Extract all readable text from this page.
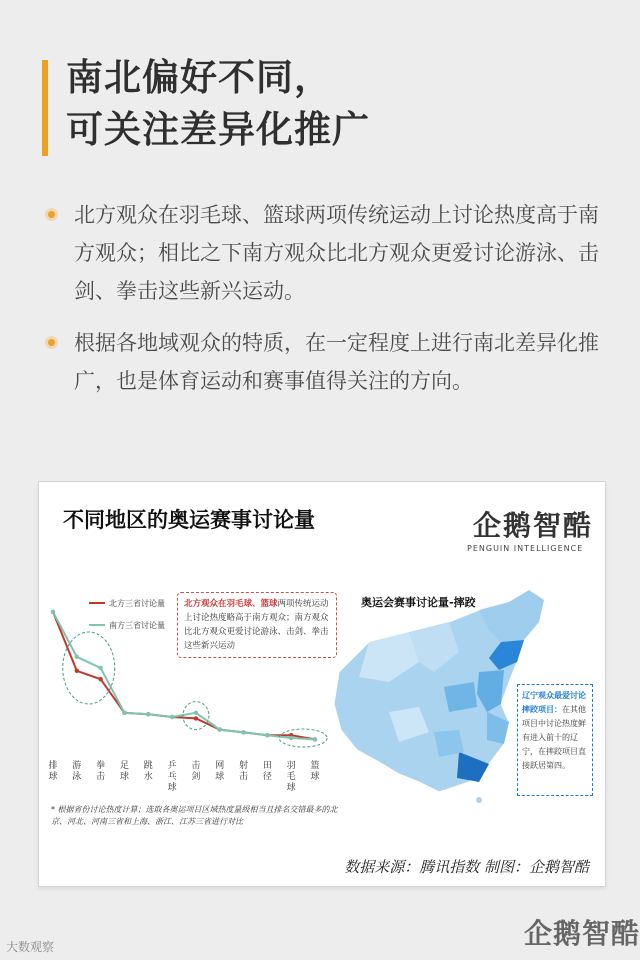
南北偏好不同，
可关注差异化推广
北方观众在羽毛球、篮球两项传统运动上讨论热度高于南方观众；相比之下南方观众比北方观众更爱讨论游泳、击剑、拳击这些新兴运动。
根据各地域观众的特质，在一定程度上进行南北差异化推广，也是体育运动和赛事值得关注的方向。
不同地区的奥运赛事讨论量	企鹅智酷
PENGUIN INTELLIGENCE
北方三省讨论量
南方三省讨论量
排
球
游
泳
拳
击
足
球
跳
水
乒
乓
球
击
剑
网
球
射
击
田
径
羽
毛
球
篮
球
北方观众在羽毛球、篮球两项传统运动上讨论热度略高于南方观众；南方观众比北方观众更爱讨论游泳、击剑、拳击这些新兴运动
奥运会赛事讨论量-摔跤
辽宁观众最爱讨论摔跤项目：在其他项目中讨论热度鲜有进入前十的辽宁，在摔跤项目直接跃居第四。
* 根据省份讨论热度计算；选取各奥运项目区域热度量级相当且排名交错最多的北京、河北、河南三省和上海、浙江、江苏三省进行对比
数据来源：腾讯指数 制图：企鹅智酷
大数观察	企鹅智酷
